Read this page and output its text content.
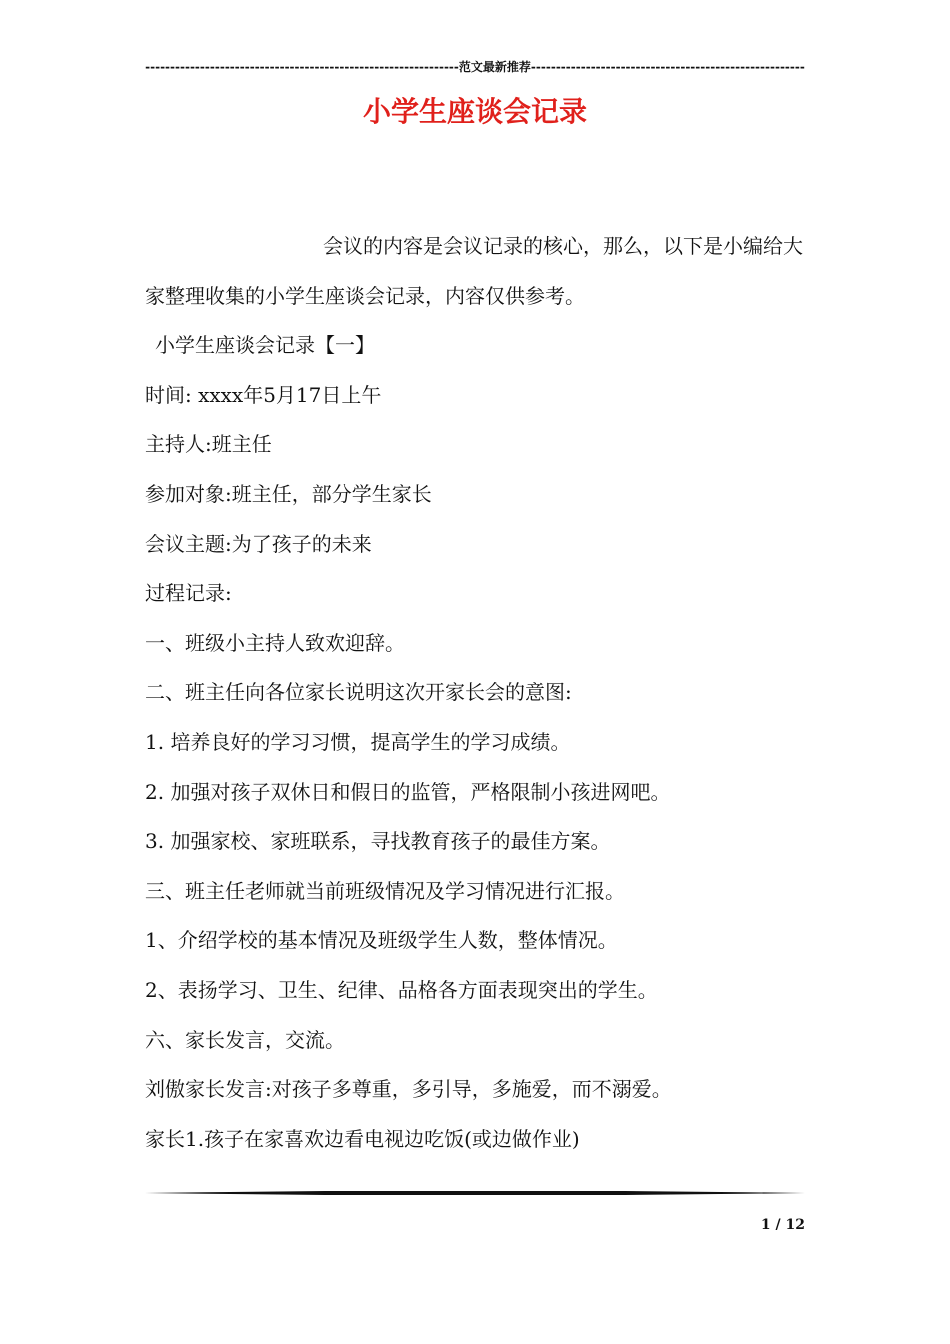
---------------------------------------------------------------范文最新推荐-------------------------------------------------------
小学生座谈会记录

会议的内容是会议记录的核心，那么，以下是小编给大家整理收集的小学生座谈会记录，内容仅供参考。

小学生座谈会记录【一】

时间: xxxx年5月17日上午

主持人:班主任

参加对象:班主任，部分学生家长

会议主题:为了孩子的未来

过程记录:

一、班级小主持人致欢迎辞。

二、班主任向各位家长说明这次开家长会的意图:

1. 培养良好的学习习惯，提高学生的学习成绩。

2. 加强对孩子双休日和假日的监管，严格限制小孩进网吧。

3. 加强家校、家班联系，寻找教育孩子的最佳方案。

三、班主任老师就当前班级情况及学习情况进行汇报。

1、介绍学校的基本情况及班级学生人数，整体情况。

2、表扬学习、卫生、纪律、品格各方面表现突出的学生。

六、家长发言，交流。

刘傲家长发言:对孩子多尊重，多引导，多施爱，而不溺爱。

家长1.孩子在家喜欢边看电视边吃饭(或边做作业)

1 / 12
